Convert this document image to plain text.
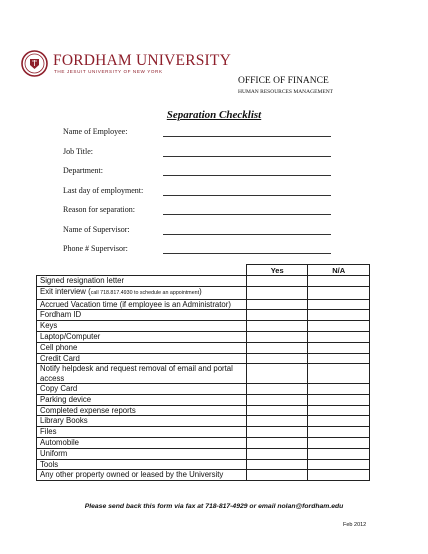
FORDHAM UNIVERSITY
THE JESUIT UNIVERSITY OF NEW YORK
OFFICE OF FINANCE
HUMAN RESOURCES MANAGEMENT
Separation Checklist
Name of Employee:
Job Title:
Department:
Last day of employment:
Reason for separation:
Name of Supervisor:
Phone # Supervisor:
	Yes	N/A
Signed resignation letter		
Exit interview (call 718.817.4930 to schedule an appointment)		
Accrued Vacation time (if employee is an Administrator)		
Fordham ID		
Keys		
Laptop/Computer		
Cell phone		
Credit Card		
Notify helpdesk and request removal of email and portal access		
Copy Card		
Parking device		
Completed expense reports		
Library Books		
Files		
Automobile		
Uniform		
Tools		
Any other property owned or leased by the University		
Please send back this form via fax at 718-817-4929 or email nolan@fordham.edu
Feb 2012
